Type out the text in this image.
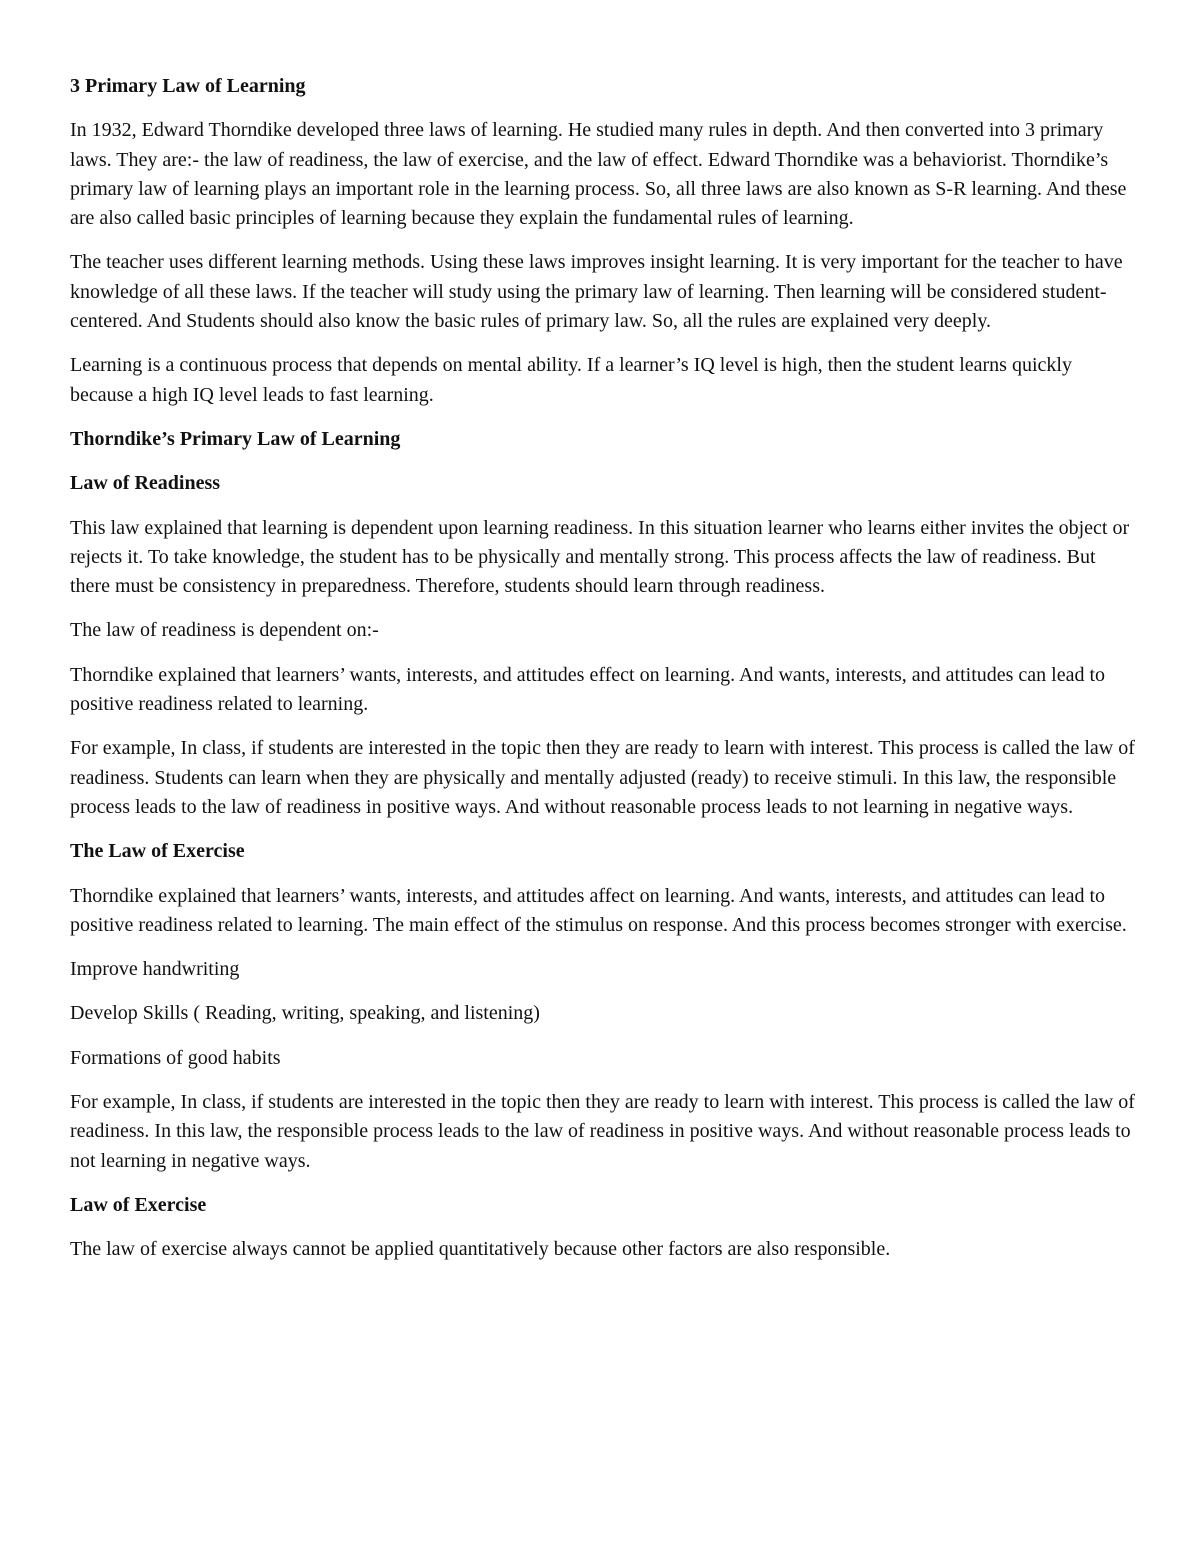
3 Primary Law of Learning

In 1932, Edward Thorndike developed three laws of learning. He studied many rules in depth. And then converted into 3 primary laws. They are:- the law of readiness, the law of exercise, and the law of effect. Edward Thorndike was a behaviorist. Thorndike’s primary law of learning plays an important role in the learning process. So, all three laws are also known as S-R learning. And these are also called basic principles of learning because they explain the fundamental rules of learning.

The teacher uses different learning methods. Using these laws improves insight learning. It is very important for the teacher to have knowledge of all these laws. If the teacher will study using the primary law of learning. Then learning will be considered student-centered. And Students should also know the basic rules of primary law. So, all the rules are explained very deeply.

Learning is a continuous process that depends on mental ability. If a learner’s IQ level is high, then the student learns quickly because a high IQ level leads to fast learning.

Thorndike’s Primary Law of Learning
Law of Readiness

This law explained that learning is dependent upon learning readiness. In this situation learner who learns either invites the object or rejects it. To take knowledge, the student has to be physically and mentally strong. This process affects the law of readiness. But there must be consistency in preparedness. Therefore, students should learn through readiness.

The law of readiness is dependent on:-

Thorndike explained that learners’ wants, interests, and attitudes effect on learning. And wants, interests, and attitudes can lead to positive readiness related to learning.

For example, In class, if students are interested in the topic then they are ready to learn with interest. This process is called the law of readiness. Students can learn when they are physically and mentally adjusted (ready) to receive stimuli. In this law, the responsible process leads to the law of readiness in positive ways. And without reasonable process leads to not learning in negative ways.

The Law of Exercise

Thorndike explained that learners’ wants, interests, and attitudes affect on learning. And wants, interests, and attitudes can lead to positive readiness related to learning. The main effect of the stimulus on response. And this process becomes stronger with exercise.

Improve handwriting

Develop Skills ( Reading, writing, speaking, and listening)

Formations of good habits

For example, In class, if students are interested in the topic then they are ready to learn with interest. This process is called the law of readiness. In this law, the responsible process leads to the law of readiness in positive ways. And without reasonable process leads to not learning in negative ways.

Law of Exercise

The law of exercise always cannot be applied quantitatively because other factors are also responsible.
